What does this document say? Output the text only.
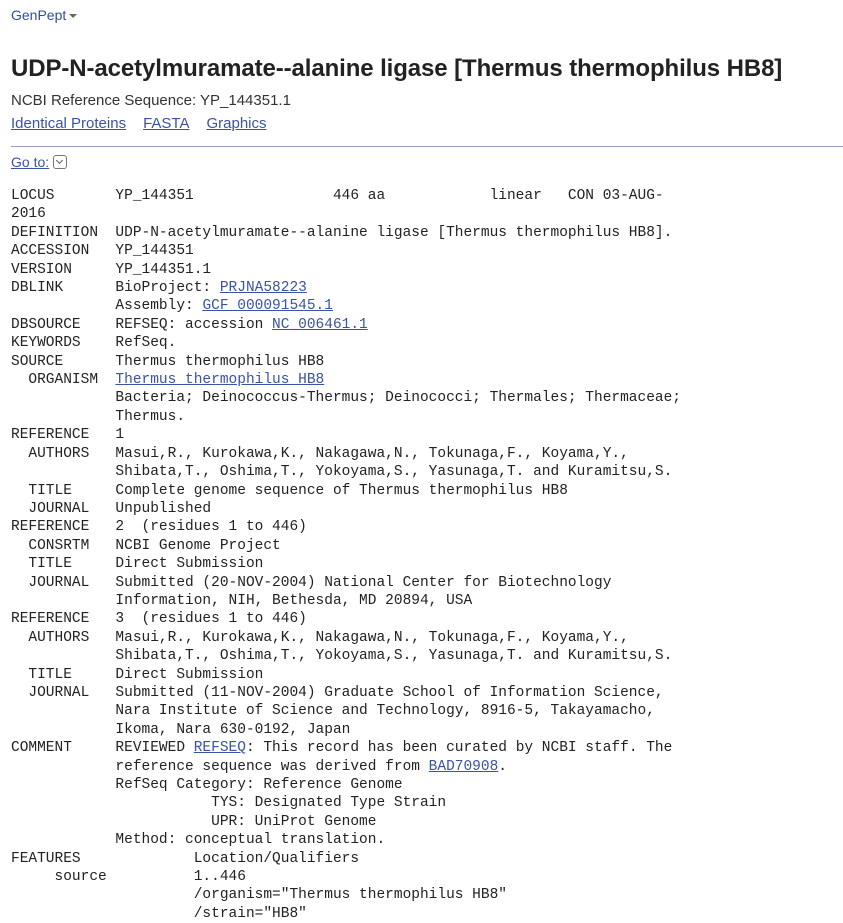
GenPept
UDP-N-acetylmuramate--alanine ligase [Thermus thermophilus HB8]
NCBI Reference Sequence: YP_144351.1
Identical Proteins FASTA Graphics
Go to:
LOCUS       YP_144351                446 aa            linear   CON 03-AUG-
2016
DEFINITION  UDP-N-acetylmuramate--alanine ligase [Thermus thermophilus HB8].
ACCESSION   YP_144351
VERSION     YP_144351.1
DBLINK      BioProject: PRJNA58223
Assembly: GCF_000091545.1
DBSOURCE    REFSEQ: accession NC_006461.1
KEYWORDS    RefSeq.
SOURCE      Thermus thermophilus HB8
ORGANISM  Thermus thermophilus HB8
Bacteria; Deinococcus-Thermus; Deinococci; Thermales; Thermaceae;
Thermus.
REFERENCE   1
AUTHORS   Masui,R., Kurokawa,K., Nakagawa,N., Tokunaga,F., Koyama,Y.,
Shibata,T., Oshima,T., Yokoyama,S., Yasunaga,T. and Kuramitsu,S.
TITLE     Complete genome sequence of Thermus thermophilus HB8
JOURNAL   Unpublished
REFERENCE   2  (residues 1 to 446)
CONSRTM   NCBI Genome Project
TITLE     Direct Submission
JOURNAL   Submitted (20-NOV-2004) National Center for Biotechnology
Information, NIH, Bethesda, MD 20894, USA
REFERENCE   3  (residues 1 to 446)
AUTHORS   Masui,R., Kurokawa,K., Nakagawa,N., Tokunaga,F., Koyama,Y.,
Shibata,T., Oshima,T., Yokoyama,S., Yasunaga,T. and Kuramitsu,S.
TITLE     Direct Submission
JOURNAL   Submitted (11-NOV-2004) Graduate School of Information Science,
Nara Institute of Science and Technology, 8916-5, Takayamacho,
Ikoma, Nara 630-0192, Japan
COMMENT     REVIEWED REFSEQ: This record has been curated by NCBI staff. The
reference sequence was derived from BAD70908.
RefSeq Category: Reference Genome
TYS: Designated Type Strain
UPR: UniProt Genome
Method: conceptual translation.
FEATURES             Location/Qualifiers
source          1..446
/organism="Thermus thermophilus HB8"
/strain="HB8"
